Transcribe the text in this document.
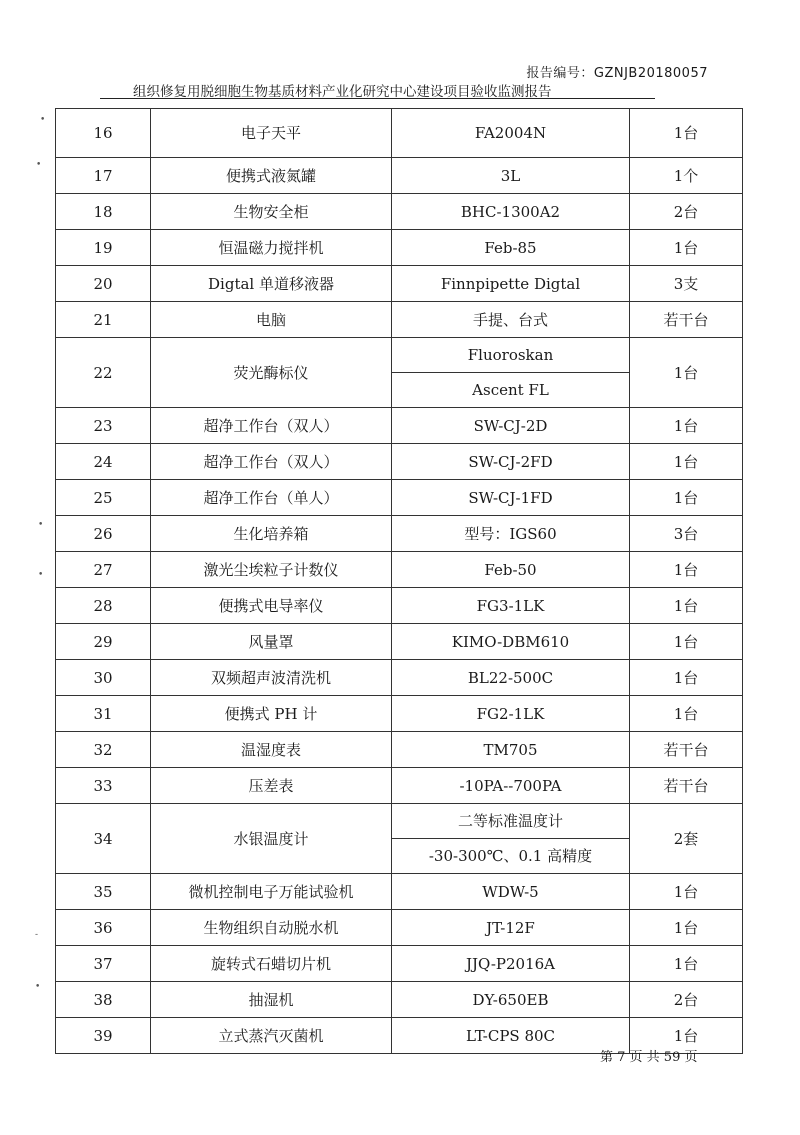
报告编号：GZNJB20180057
组织修复用脱细胞生物基质材料产业化研究中心建设项目验收监测报告
•
•
•
•
-
•
16	电子天平	FA2004N	1台
17	便携式液氮罐	3L	1个
18	生物安全柜	BHC-1300A2	2台
19	恒温磁力搅拌机	Feb-85	1台
20	Digtal 单道移液器	Finnpipette Digtal	3支
21	电脑	手提、台式	若干台
22	荧光酶标仪	Fluoroskan	1台
		Ascent FL	
23	超净工作台（双人）	SW-CJ-2D	1台
24	超净工作台（双人）	SW-CJ-2FD	1台
25	超净工作台（单人）	SW-CJ-1FD	1台
26	生化培养箱	型号：IGS60	3台
27	激光尘埃粒子计数仪	Feb-50	1台
28	便携式电导率仪	FG3-1LK	1台
29	风量罩	KIMO-DBM610	1台
30	双频超声波清洗机	BL22-500C	1台
31	便携式 PH 计	FG2-1LK	1台
32	温湿度表	TM705	若干台
33	压差表	-10PA--700PA	若干台
34	水银温度计	二等标准温度计	2套
		-30-300℃、0.1 高精度	
35	微机控制电子万能试验机	WDW-5	1台
36	生物组织自动脱水机	JT-12F	1台
37	旋转式石蜡切片机	JJQ-P2016A	1台
38	抽湿机	DY-650EB	2台
39	立式蒸汽灭菌机	LT-CPS 80C	1台
第 7 页 共 59 页
